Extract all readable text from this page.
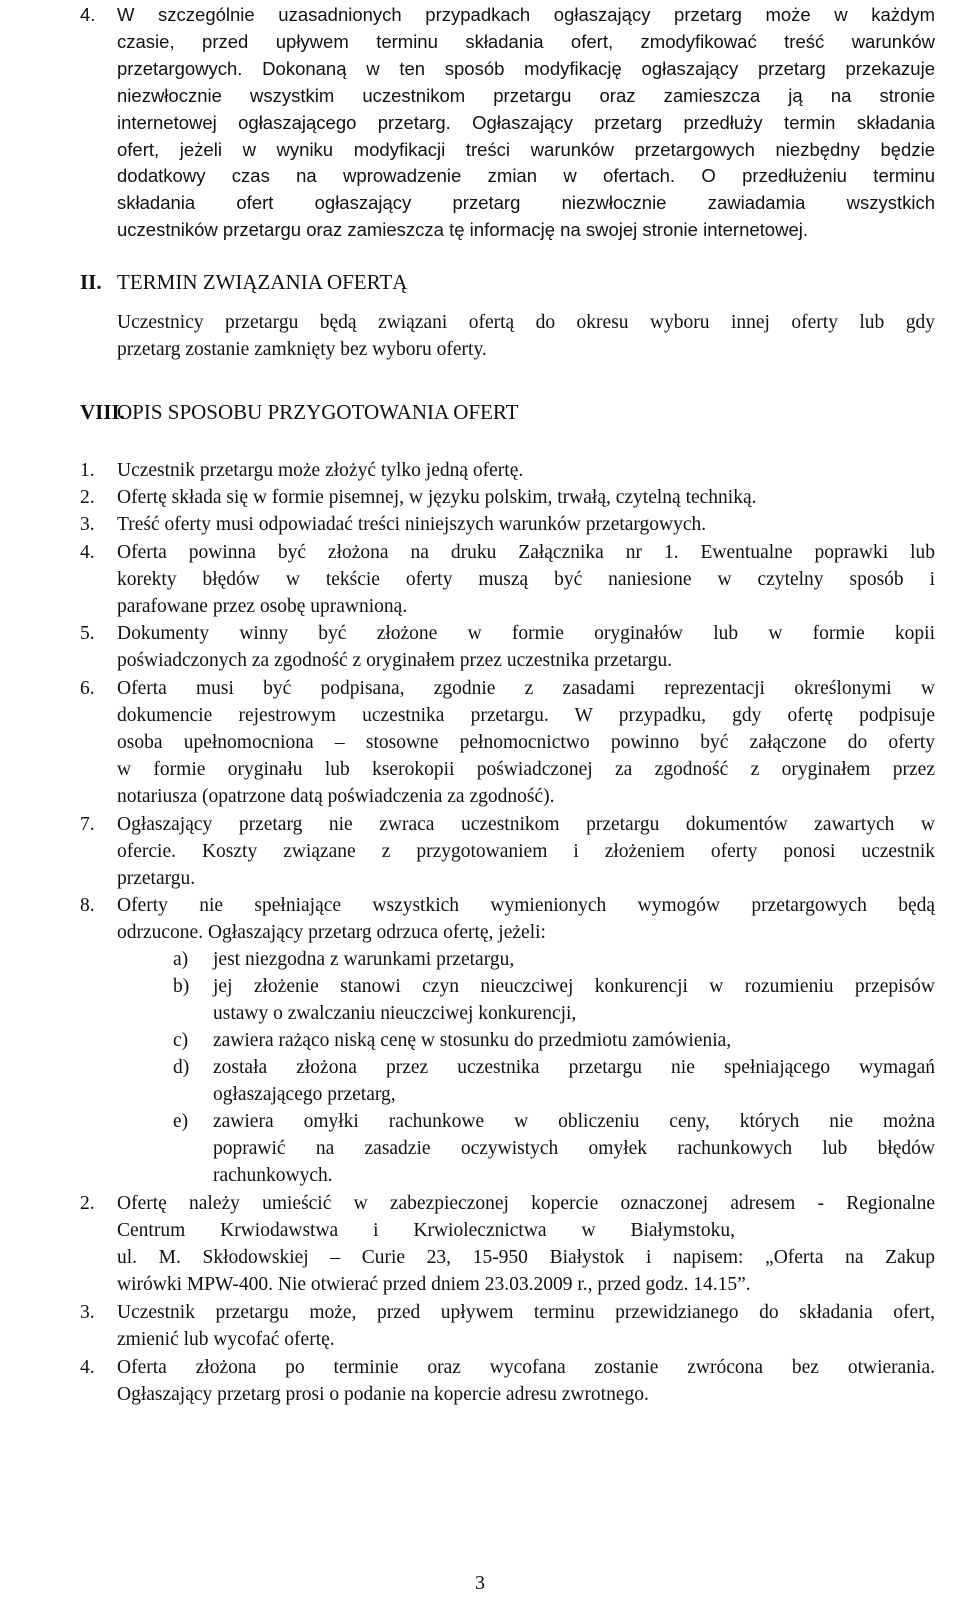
4. W szczególnie uzasadnionych przypadkach ogłaszający przetarg może w każdym
czasie, przed upływem terminu składania ofert, zmodyfikować treść warunków
przetargowych. Dokonaną w ten sposób modyfikację ogłaszający przetarg przekazuje
niezwłocznie wszystkim uczestnikom przetargu oraz zamieszcza ją na stronie
internetowej ogłaszającego przetarg. Ogłaszający przetarg przedłuży termin składania
ofert, jeżeli w wyniku modyfikacji treści warunków przetargowych niezbędny będzie
dodatkowy czas na wprowadzenie zmian w ofertach. O przedłużeniu terminu
składania ofert ogłaszający przetarg niezwłocznie zawiadamia wszystkich
uczestników przetargu oraz zamieszcza tę informację na swojej stronie internetowej.
II. TERMIN ZWIĄZANIA OFERTĄ
Uczestnicy przetargu będą związani ofertą do okresu wyboru innej oferty lub gdy
przetarg zostanie zamknięty bez wyboru oferty.
VIII.
OPIS SPOSOBU PRZYGOTOWANIA OFERT
1. Uczestnik przetargu może złożyć tylko jedną ofertę.
2. Ofertę składa się w formie pisemnej, w języku polskim, trwałą, czytelną techniką.
3. Treść oferty musi odpowiadać treści niniejszych warunków przetargowych.
4. Oferta powinna być złożona na druku Załącznika nr 1. Ewentualne poprawki lub
korekty błędów w tekście oferty muszą być naniesione w czytelny sposób i
parafowane przez osobę uprawnioną.
5. Dokumenty winny być złożone w formie oryginałów lub w formie kopii
poświadczonych za zgodność z oryginałem przez uczestnika przetargu.
6. Oferta musi być podpisana, zgodnie z zasadami reprezentacji określonymi w
dokumencie rejestrowym uczestnika przetargu. W przypadku, gdy ofertę podpisuje
osoba upełnomocniona – stosowne pełnomocnictwo powinno być załączone do oferty
w formie oryginału lub kserokopii poświadczonej za zgodność z oryginałem przez
notariusza (opatrzone datą poświadczenia za zgodność).
7. Ogłaszający przetarg nie zwraca uczestnikom przetargu dokumentów zawartych w
ofercie. Koszty związane z przygotowaniem i złożeniem oferty ponosi uczestnik
przetargu.
8. Oferty nie spełniające wszystkich wymienionych wymogów przetargowych będą
odrzucone. Ogłaszający przetarg odrzuca ofertę, jeżeli:
a) jest niezgodna z warunkami przetargu,
b) jej złożenie stanowi czyn nieuczciwej konkurencji w rozumieniu przepisów
ustawy o zwalczaniu nieuczciwej konkurencji,
c) zawiera rażąco niską cenę w stosunku do przedmiotu zamówienia,
d) została złożona przez uczestnika przetargu nie spełniającego wymagań
ogłaszającego przetarg,
e) zawiera omyłki rachunkowe w obliczeniu ceny, których nie można
poprawić na zasadzie oczywistych omyłek rachunkowych lub błędów
rachunkowych.
2. Ofertę należy umieścić w zabezpieczonej kopercie oznaczonej adresem - Regionalne
Centrum Krwiodawstwa i Krwiolecznictwa w Białymstoku,
ul. M. Skłodowskiej – Curie 23, 15-950 Białystok i napisem: „Oferta na Zakup
wirówki MPW-400. Nie otwierać przed dniem 23.03.2009 r., przed godz. 14.15”.
3. Uczestnik przetargu może, przed upływem terminu przewidzianego do składania ofert,
zmienić lub wycofać ofertę.
4. Oferta złożona po terminie oraz wycofana zostanie zwrócona bez otwierania.
Ogłaszający przetarg prosi o podanie na kopercie adresu zwrotnego.
3
